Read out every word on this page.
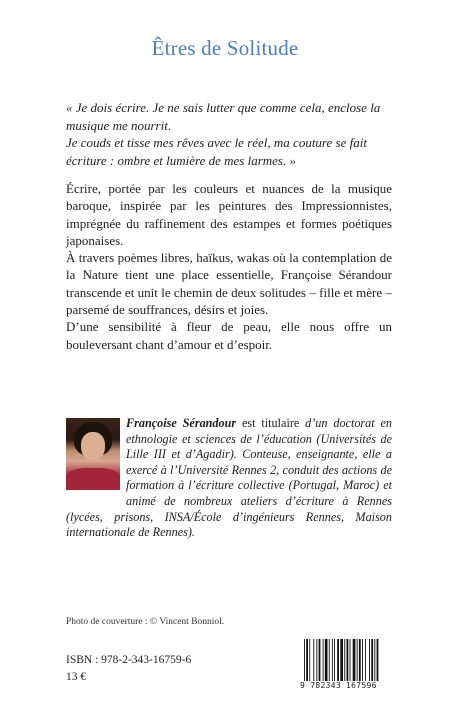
Êtres de Solitude

« Je dois écrire. Je ne sais lutter que comme cela, enclose la musique me nourrit.

Je couds et tisse mes rêves avec le réel, ma couture se fait écriture : ombre et lumière de mes larmes. »

Écrire, portée par les couleurs et nuances de la musique baroque, inspirée par les peintures des Impressionnistes, imprégnée du raffinement des estampes et formes poétiques japonaises.

À travers poèmes libres, haïkus, wakas où la contemplation de la Nature tient une place essentielle, Françoise Sérandour transcende et unit le chemin de deux solitudes – fille et mère – parsemé de souffrances, désirs et joies.

D’une sensibilité à fleur de peau, elle nous offre un bouleversant chant d’amour et d’espoir.

Françoise Sérandour est titulaire d’un doctorat en ethnologie et sciences de l’éducation (Universités de Lille III et d’Agadir). Conteuse, enseignante, elle a exercé à l’Université Rennes 2, conduit des actions de formation à l’écriture collective (Portugal, Maroc) et animé de nombreux ateliers d’écriture à Rennes (lycées, prisons, INSA/École d’ingénieurs Rennes, Maison internationale de Rennes).
Photo de couverture : © Vincent Bonniol.
ISBN : 978-2-343-16759-6
13 €
9 782343 167596
